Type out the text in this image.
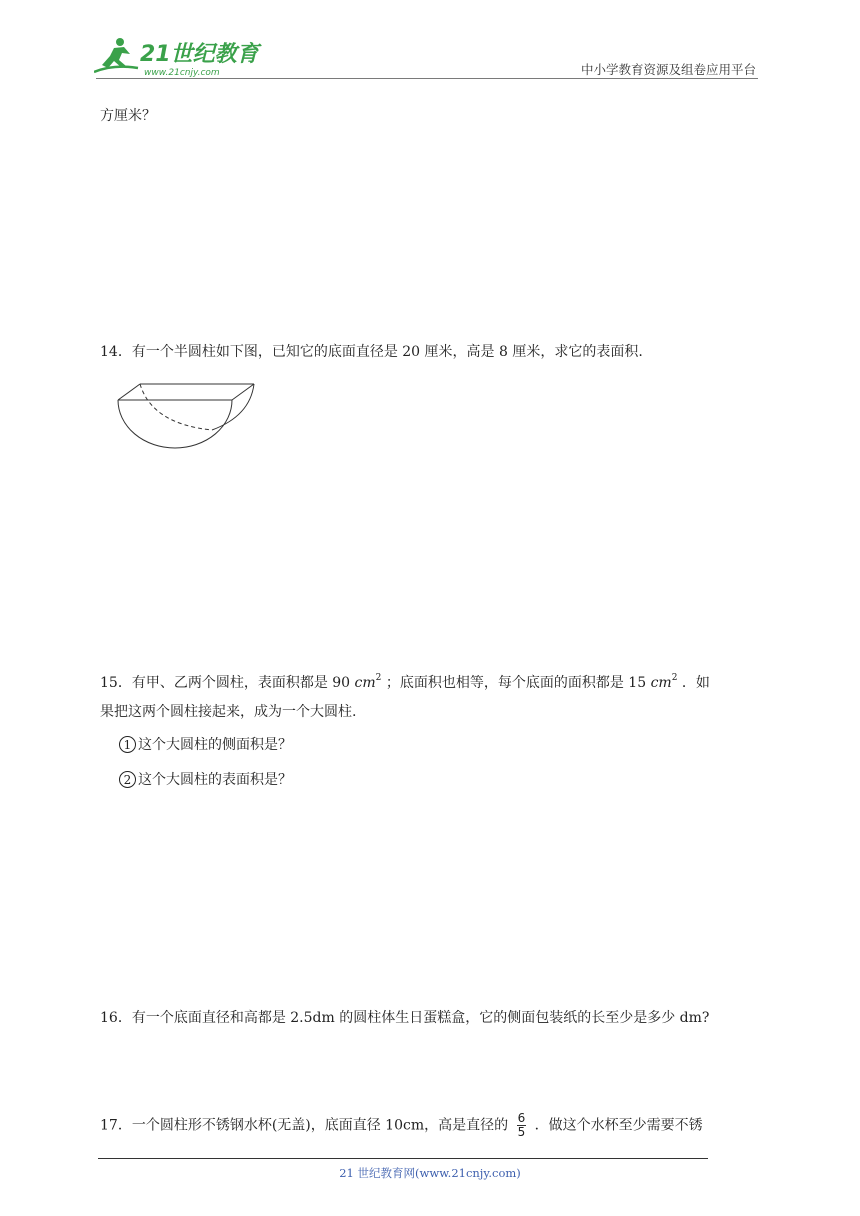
21世纪教育
www.21cnjy.com	中小学教育资源及组卷应用平台
方厘米？
14．有一个半圆柱如下图，已知它的底面直径是 20 厘米，高是 8 厘米，求它的表面积.
15．有甲、乙两个圆柱，表面积都是 90 $cm^2$ ；底面积也相等，每个底面的面积都是 15 $cm^2$ ．如
果把这两个圆柱接起来，成为一个大圆柱.
1 这个大圆柱的侧面积是？
2 这个大圆柱的表面积是？
16．有一个底面直径和高都是 2.5dm 的圆柱体生日蛋糕盒，它的侧面包装纸的长至少是多少 dm?
17．一个圆柱形不锈钢水杯(无盖)，底面直径 10cm，高是直径的 $\frac{6}{5}$ ．做这个水杯至少需要不锈
21 世纪教育网(www.21cnjy.com)
